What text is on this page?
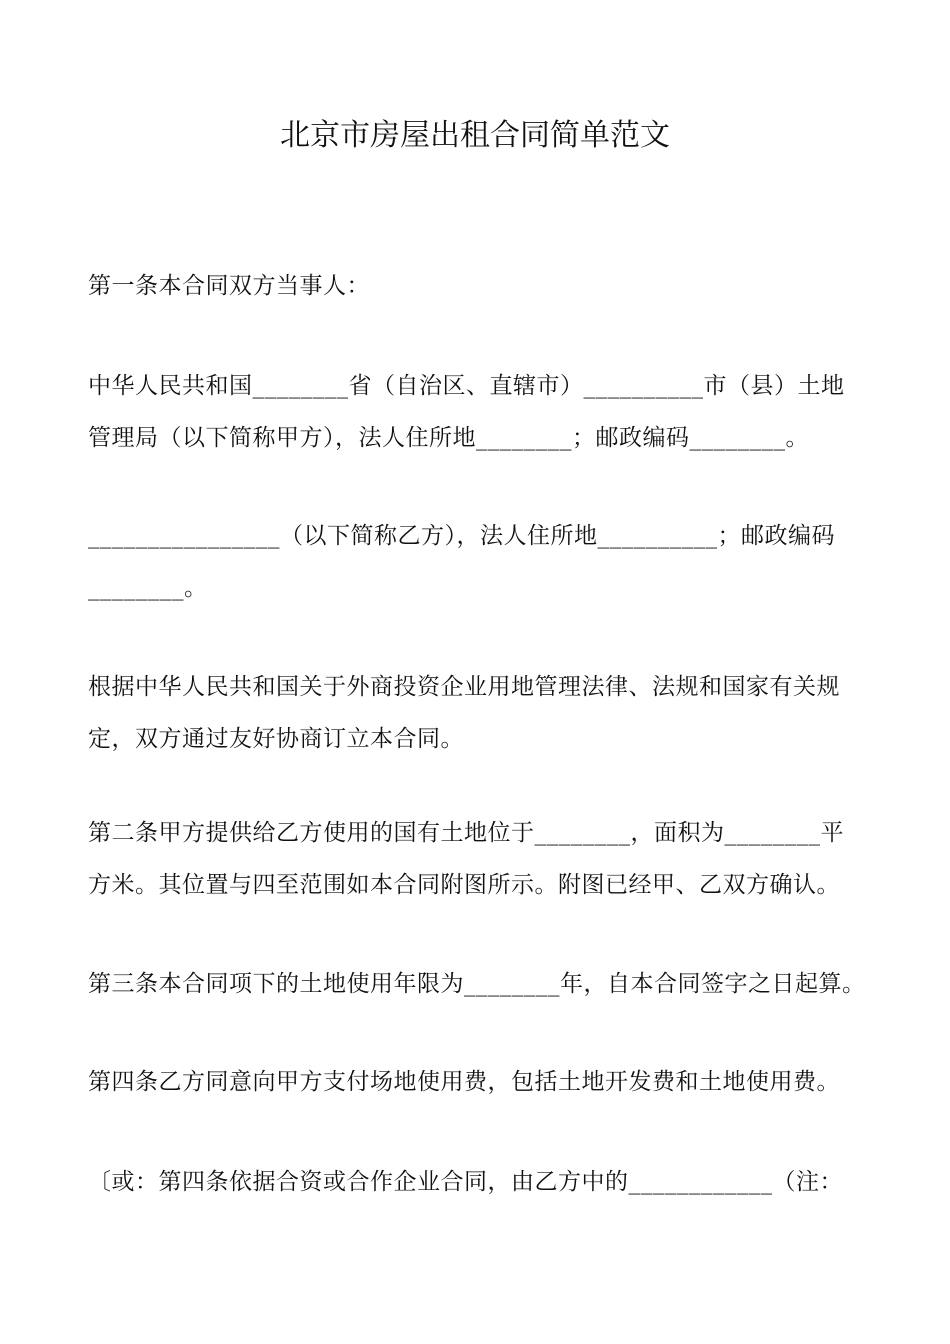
北京市房屋出租合同简单范文
第一条本合同双方当事人：
中华人民共和国________省（自治区、直辖市）__________市（县）土地管理局（以下简称甲方），法人住所地________；邮政编码________。
________________（以下简称乙方），法人住所地__________；邮政编码________。
根据中华人民共和国关于外商投资企业用地管理法律、法规和国家有关规定，双方通过友好协商订立本合同。
第二条甲方提供给乙方使用的国有土地位于________，面积为________平方米。其位置与四至范围如本合同附图所示。附图已经甲、乙双方确认。
第三条本合同项下的土地使用年限为________年，自本合同签字之日起算。
第四条乙方同意向甲方支付场地使用费，包括土地开发费和土地使用费。
〔或：第四条依据合资或合作企业合同，由乙方中的____________（注：
